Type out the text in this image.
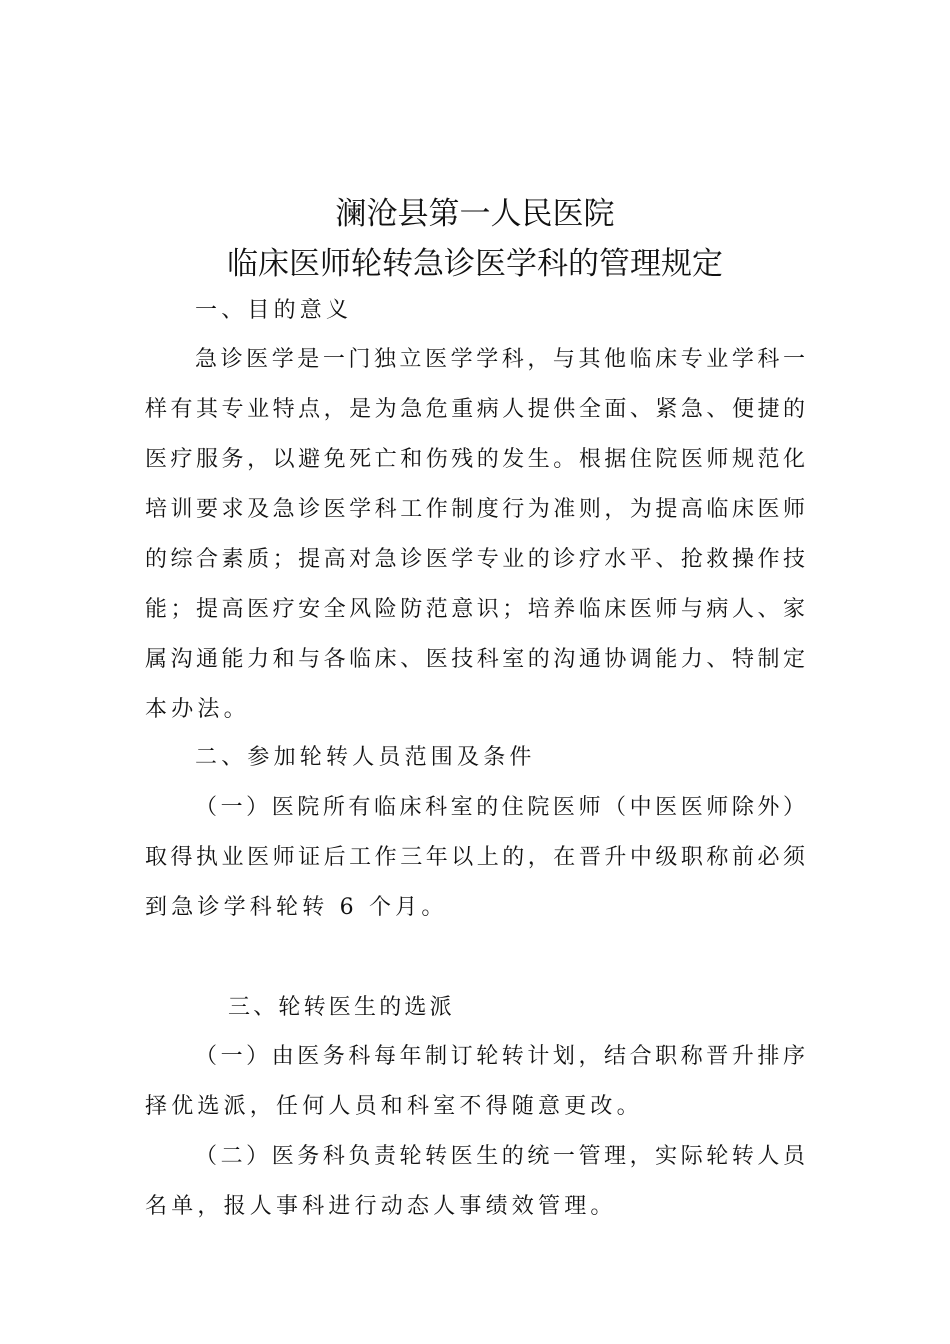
澜沧县第一人民医院
临床医师轮转急诊医学科的管理规定
一、目的意义
急诊医学是一门独立医学学科，与其他临床专业学科一
样有其专业特点，是为急危重病人提供全面、紧急、便捷的
医疗服务，以避免死亡和伤残的发生。根据住院医师规范化
培训要求及急诊医学科工作制度行为准则，为提高临床医师
的综合素质；提高对急诊医学专业的诊疗水平、抢救操作技
能；提高医疗安全风险防范意识；培养临床医师与病人、家
属沟通能力和与各临床、医技科室的沟通协调能力、特制定
本办法。
二、参加轮转人员范围及条件
（一）医院所有临床科室的住院医师（中医医师除外）
取得执业医师证后工作三年以上的，在晋升中级职称前必须
到急诊学科轮转 6 个月。
三、轮转医生的选派
（一）由医务科每年制订轮转计划，结合职称晋升排序
择优选派，任何人员和科室不得随意更改。
（二）医务科负责轮转医生的统一管理，实际轮转人员
名单，报人事科进行动态人事绩效管理。
